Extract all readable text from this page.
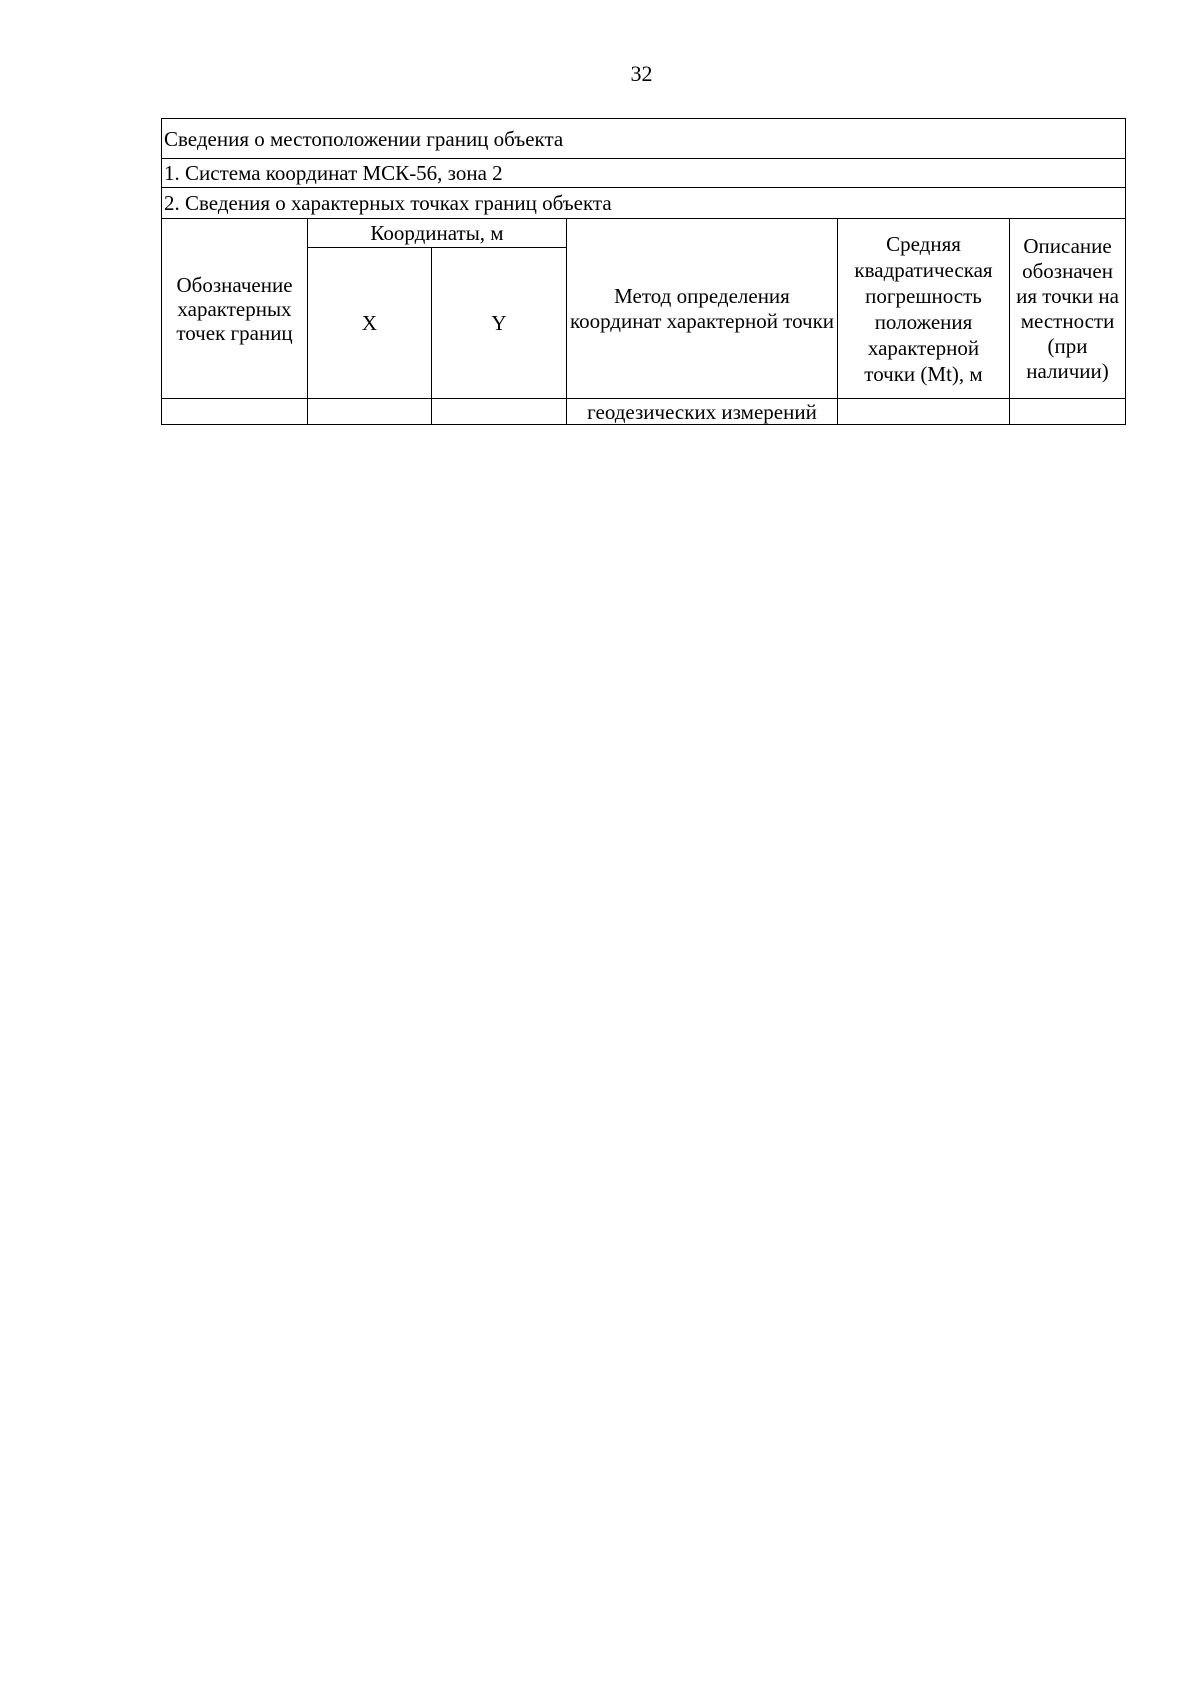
32
Сведения о местоположении границ объекта					
1. Система координат МСК-56, зона 2					
2. Сведения о характерных точках границ объекта					
Обозначение характерных точек границ	Координаты, м		Метод определения координат характерной точки	Средняя квадратическая погрешность положения характерной точки (Mt), м	Описание обозначен ия точки на местности (при наличии)
	X	Y			
			геодезических измерений		
